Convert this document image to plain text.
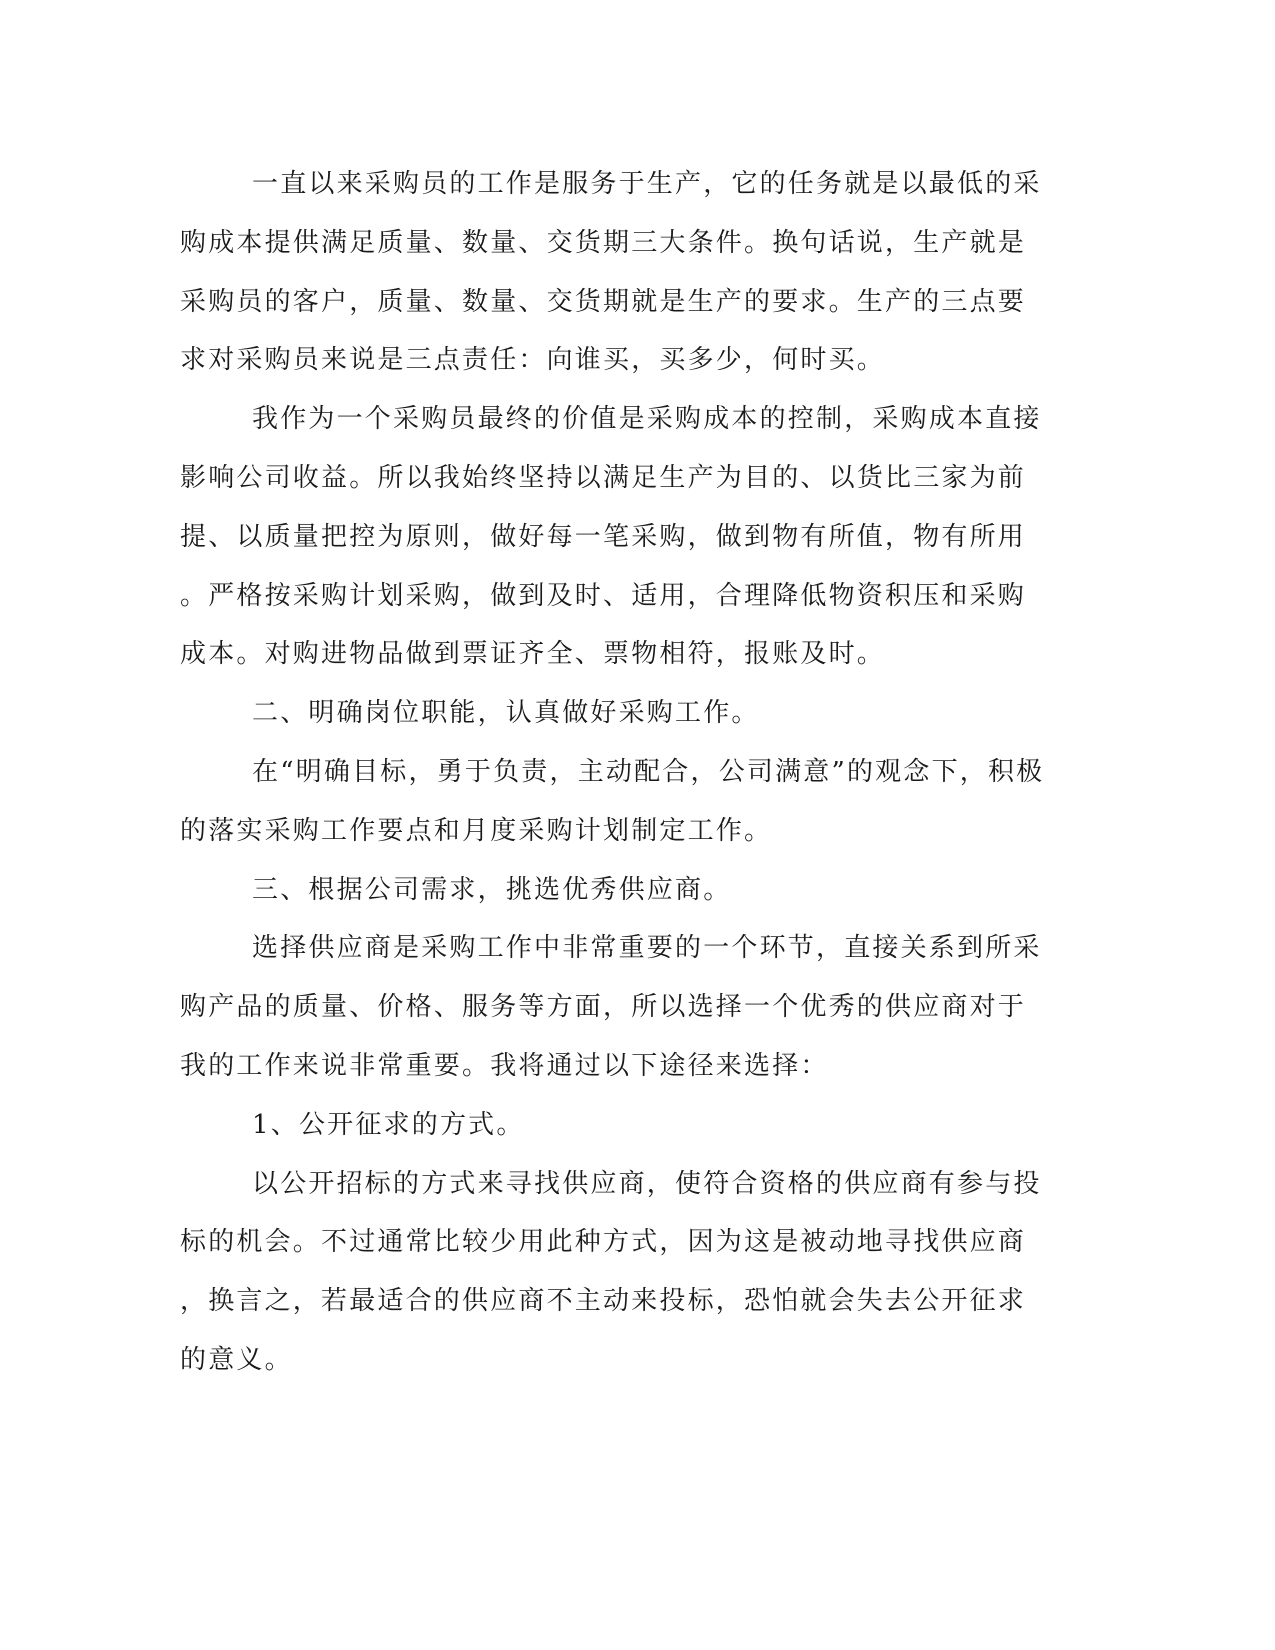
一直以来采购员的工作是服务于生产，它的任务就是以最低的采
购成本提供满足质量、数量、交货期三大条件。换句话说，生产就是
采购员的客户，质量、数量、交货期就是生产的要求。生产的三点要
求对采购员来说是三点责任：向谁买，买多少，何时买。
我作为一个采购员最终的价值是采购成本的控制，采购成本直接
影响公司收益。所以我始终坚持以满足生产为目的、以货比三家为前
提、以质量把控为原则，做好每一笔采购，做到物有所值，物有所用
。严格按采购计划采购，做到及时、适用，合理降低物资积压和采购
成本。对购进物品做到票证齐全、票物相符，报账及时。
二、明确岗位职能，认真做好采购工作。
在“明确目标，勇于负责，主动配合，公司满意”的观念下，积极
的落实采购工作要点和月度采购计划制定工作。
三、根据公司需求，挑选优秀供应商。
选择供应商是采购工作中非常重要的一个环节，直接关系到所采
购产品的质量、价格、服务等方面，所以选择一个优秀的供应商对于
我的工作来说非常重要。我将通过以下途径来选择：
1、公开征求的方式。
以公开招标的方式来寻找供应商，使符合资格的供应商有参与投
标的机会。不过通常比较少用此种方式，因为这是被动地寻找供应商
，换言之，若最适合的供应商不主动来投标，恐怕就会失去公开征求
的意义。
